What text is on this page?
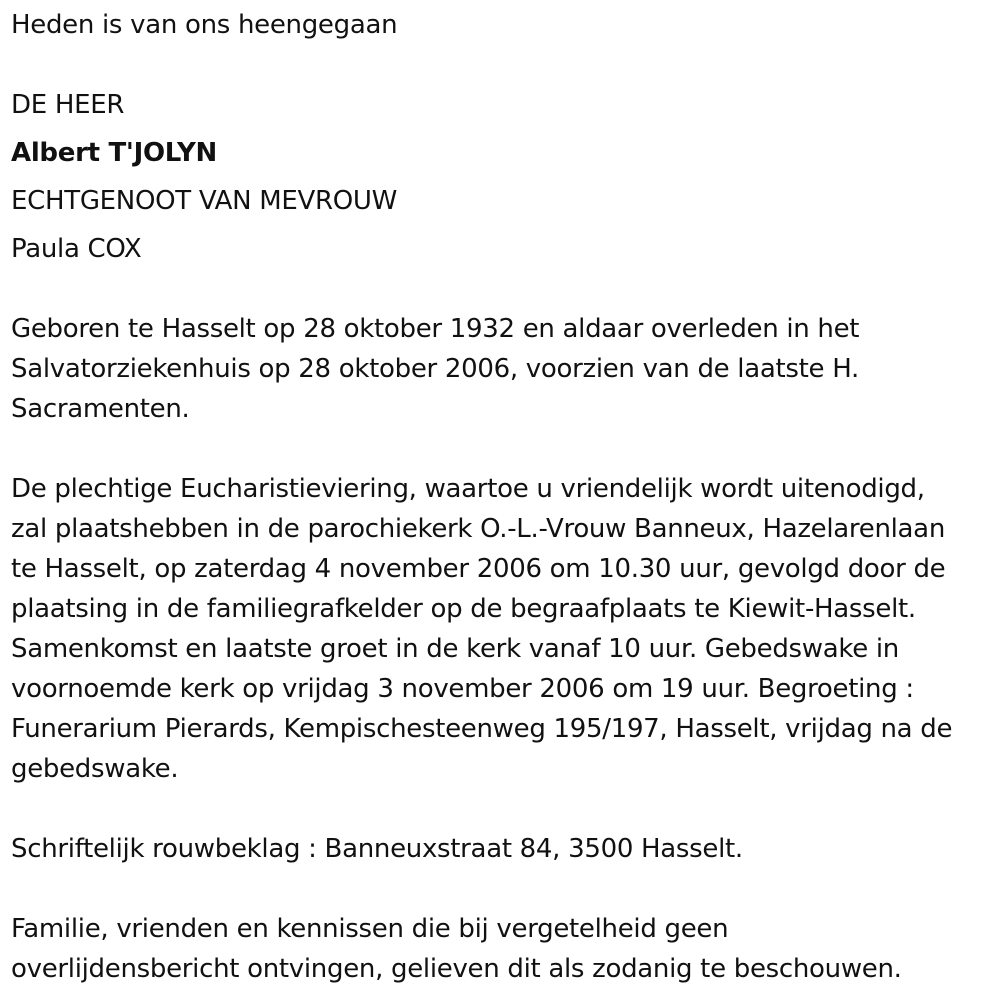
Heden is van ons heengegaan
DE HEER
Albert T'JOLYN
ECHTGENOOT VAN MEVROUW
Paula COX
Geboren te Hasselt op 28 oktober 1932 en aldaar overleden in het
Salvatorziekenhuis op 28 oktober 2006, voorzien van de laatste H.
Sacramenten.
De plechtige Eucharistieviering, waartoe u vriendelijk wordt uitenodigd,
zal plaatshebben in de parochiekerk O.-L.-Vrouw Banneux, Hazelarenlaan
te Hasselt, op zaterdag 4 november 2006 om 10.30 uur, gevolgd door de
plaatsing in de familiegrafkelder op de begraafplaats te Kiewit-Hasselt.
Samenkomst en laatste groet in de kerk vanaf 10 uur. Gebedswake in
voornoemde kerk op vrijdag 3 november 2006 om 19 uur. Begroeting :
Funerarium Pierards, Kempischesteenweg 195/197, Hasselt, vrijdag na de
gebedswake.
Schriftelijk rouwbeklag : Banneuxstraat 84, 3500 Hasselt.
Familie, vrienden en kennissen die bij vergetelheid geen
overlijdensbericht ontvingen, gelieven dit als zodanig te beschouwen.
